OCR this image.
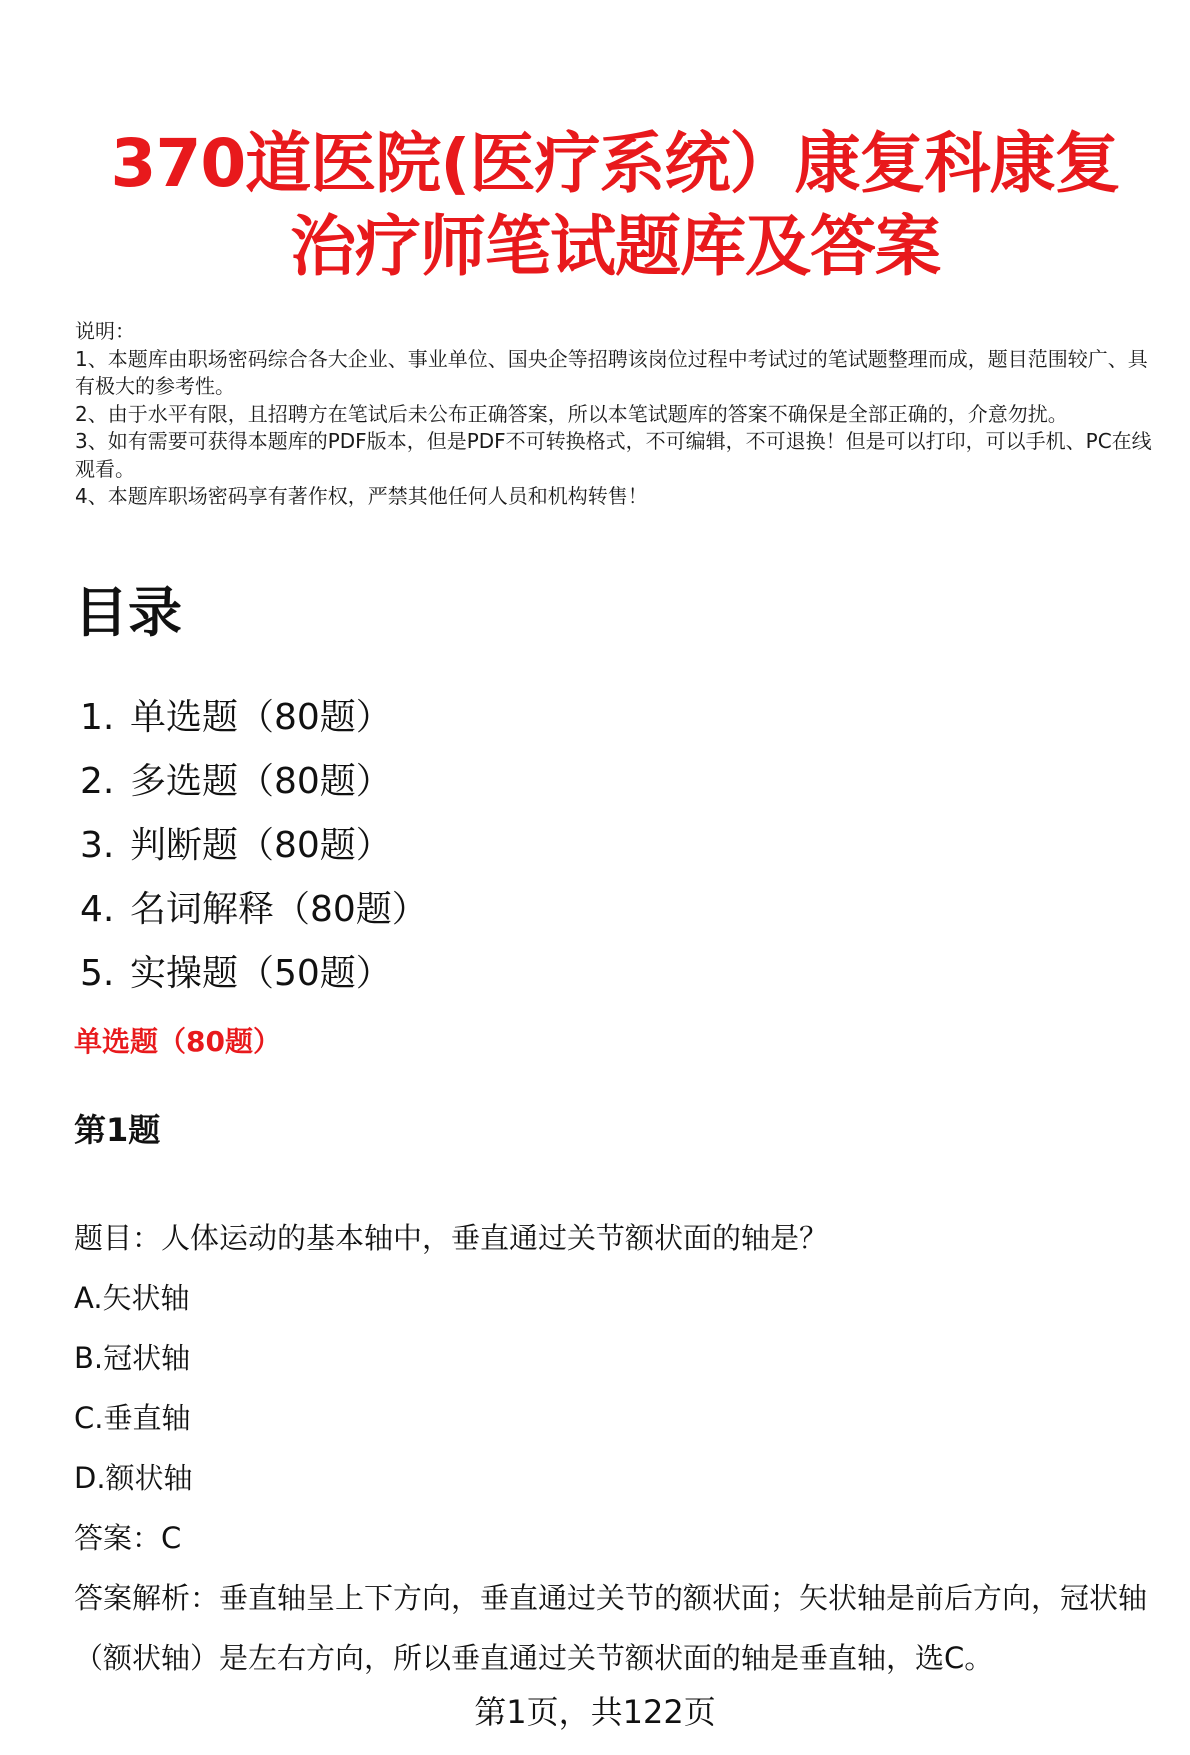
370道医院(医疗系统）康复科康复
治疗师笔试题库及答案
说明：
1、本题库由职场密码综合各大企业、事业单位、国央企等招聘该岗位过程中考试过的笔试题整理而成，题目范围较广、具有极大的参考性。
2、由于水平有限，且招聘方在笔试后未公布正确答案，所以本笔试题库的答案不确保是全部正确的，介意勿扰。
3、如有需要可获得本题库的PDF版本，但是PDF不可转换格式，不可编辑，不可退换！但是可以打印，可以手机、PC在线观看。
4、本题库职场密码享有著作权，严禁其他任何人员和机构转售！
目录
1. 单选题（80题）
2. 多选题（80题）
3. 判断题（80题）
4. 名词解释（80题）
5. 实操题（50题）
单选题（80题）
第1题
题目：人体运动的基本轴中，垂直通过关节额状面的轴是？
A.矢状轴
B.冠状轴
C.垂直轴
D.额状轴
答案：C
答案解析：垂直轴呈上下方向，垂直通过关节的额状面；矢状轴是前后方向，冠状轴（额状轴）是左右方向，所以垂直通过关节额状面的轴是垂直轴，选C。
第1页，共122页
